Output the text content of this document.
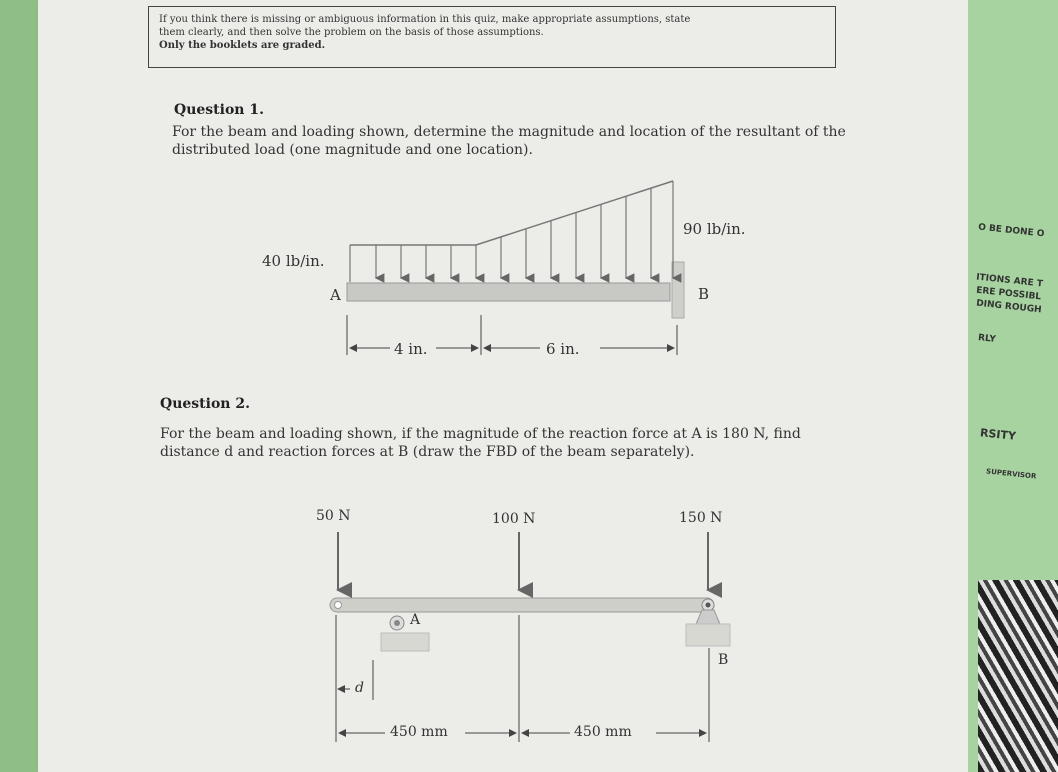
If you think there is missing or ambiguous information in this quiz, make appropriate assumptions, state
them clearly, and then solve the problem on the basis of those assumptions.
Only the booklets are graded.
Question 1.
For the beam and loading shown, determine the magnitude and location of the resultant of the
distributed load (one magnitude and one location).
40 lb/in.
90 lb/in.
A	B
4 in.	6 in.
Question 2.
For the beam and loading shown, if the magnitude of the reaction force at A is 180 N, find
distance d and reaction forces at B (draw the FBD of the beam separately).
50 N	100 N	150 N
A
B
d
450 mm	450 mm
O BE DONE O
ITIONS ARE T
ERE POSSIBL
DING ROUGH
RLY
RSITY
SUPERVISOR
